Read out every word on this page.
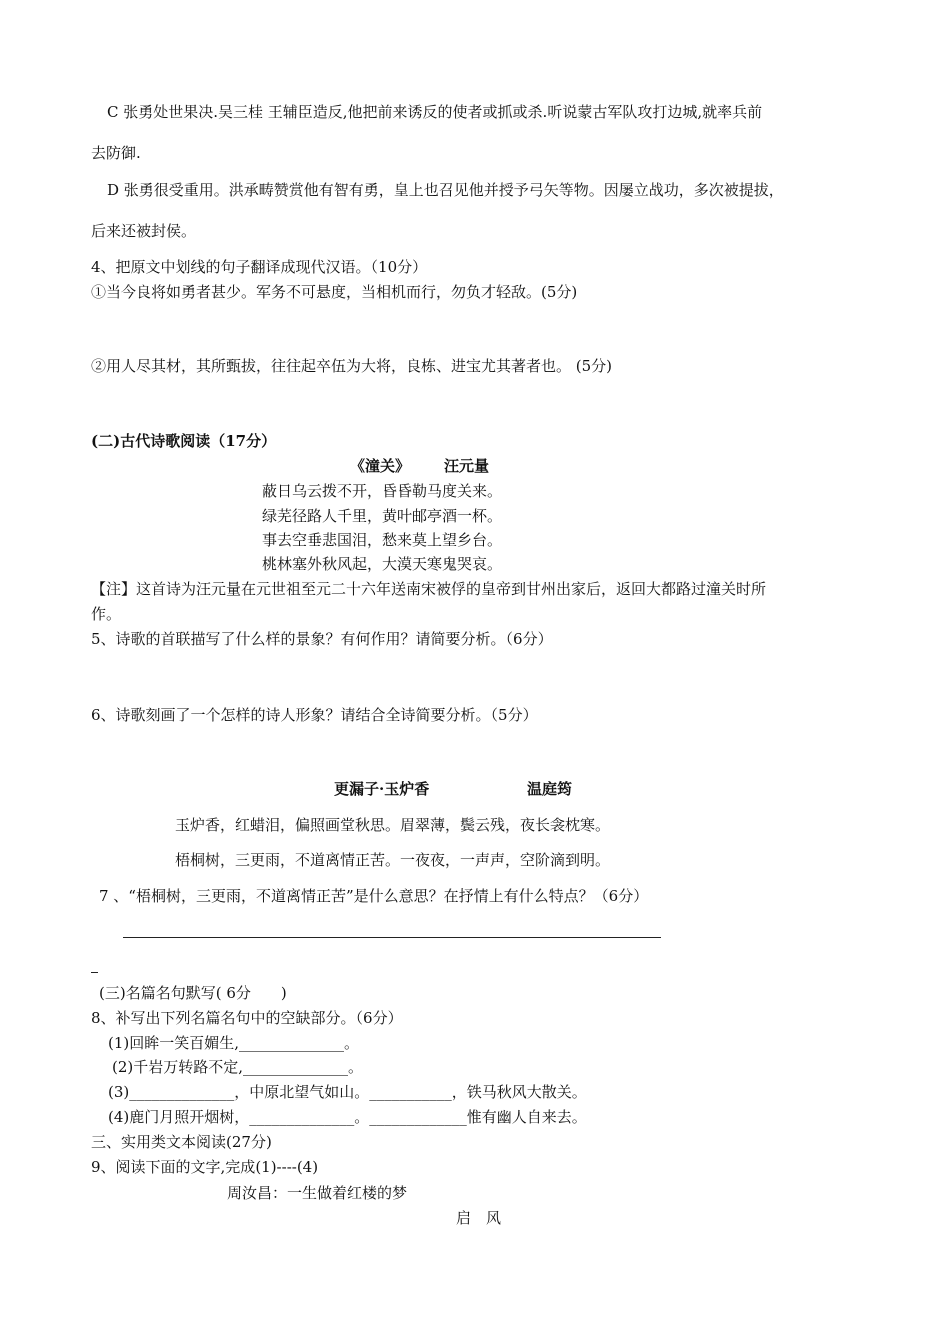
C 张勇处世果决.吴三桂 王辅臣造反,他把前来诱反的使者或抓或杀.听说蒙古军队攻打边城,就率兵前
去防御.
D 张勇很受重用。洪承畴赞赏他有智有勇，皇上也召见他并授予弓矢等物。因屡立战功，多次被提拔，
后来还被封侯。
4、把原文中划线的句子翻译成现代汉语。（10分）
①当今良将如勇者甚少。军务不可悬度，当相机而行，勿负才轻敌。(5分)
②用人尽其材，其所甄拔，往往起卒伍为大将，良栋、进宝尤其著者也。 (5分)
(二)古代诗歌阅读（17分）
《潼关》 汪元量
蔽日乌云拨不开，昏昏勒马度关来。
绿芜径路人千里，黄叶邮亭酒一杯。
事去空垂悲国泪，愁来莫上望乡台。
桃林塞外秋风起，大漠天寒鬼哭哀。
【注】这首诗为汪元量在元世祖至元二十六年送南宋被俘的皇帝到甘州出家后，返回大都路过潼关时所
作。
5、诗歌的首联描写了什么样的景象？有何作用？请简要分析。（6分）
6、诗歌刻画了一个怎样的诗人形象？请结合全诗简要分析。（5分）
更漏子·玉炉香	温庭筠
玉炉香，红蜡泪，偏照画堂秋思。眉翠薄，鬓云残，夜长衾枕寒。
梧桐树，三更雨，不道离情正苦。一夜夜，一声声，空阶滴到明。
7 、“梧桐树，三更雨，不道离情正苦”是什么意思？在抒情上有什么特点？（6分）
(三)名篇名句默写( 6分　　)
8、补写出下列名篇名句中的空缺部分。（6分）
(1)回眸一笑百媚生,______________。
(2)千岩万转路不定,______________。
(3)______________，中原北望气如山。___________，铁马秋风大散关。
(4)鹿门月照开烟树，______________。_____________惟有幽人自来去。
三、实用类文本阅读(27分)
9、阅读下面的文字,完成(1)----(4)
周汝昌：一生做着红楼的梦
启　风
